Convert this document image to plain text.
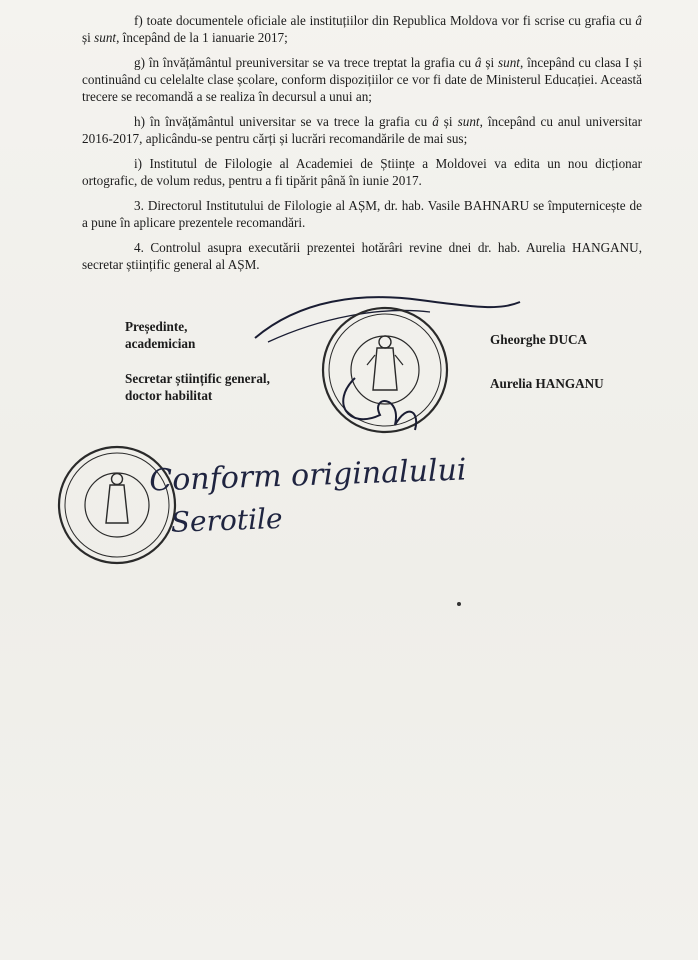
f) toate documentele oficiale ale instituțiilor din Republica Moldova vor fi scrise cu grafia cu â și sunt, începând de la 1 ianuarie 2017;

g) în învățământul preuniversitar se va trece treptat la grafia cu â și sunt, începând cu clasa I și continuând cu celelalte clase școlare, conform dispozițiilor ce vor fi date de Ministerul Educației. Această trecere se recomandă a se realiza în decursul a unui an;

h) în învățământul universitar se va trece la grafia cu â și sunt, începând cu anul universitar 2016-2017, aplicându-se pentru cărți și lucrări recomandările de mai sus;

i) Institutul de Filologie al Academiei de Științe a Moldovei va edita un nou dicționar ortografic, de volum redus, pentru a fi tipărit până în iunie 2017.

3. Directorul Institutului de Filologie al AȘM, dr. hab. Vasile BAHNARU se împuternicește de a pune în aplicare prezentele recomandări.

4. Controlul asupra executării prezentei hotărâri revine dnei dr. hab. Aurelia HANGANU, secretar științific general al AȘM.

Președinte,
academician
Secretar științific general,
doctor habilitat
Gheorghe DUCA
Aurelia HANGANU
Conform originalului
Serotile
